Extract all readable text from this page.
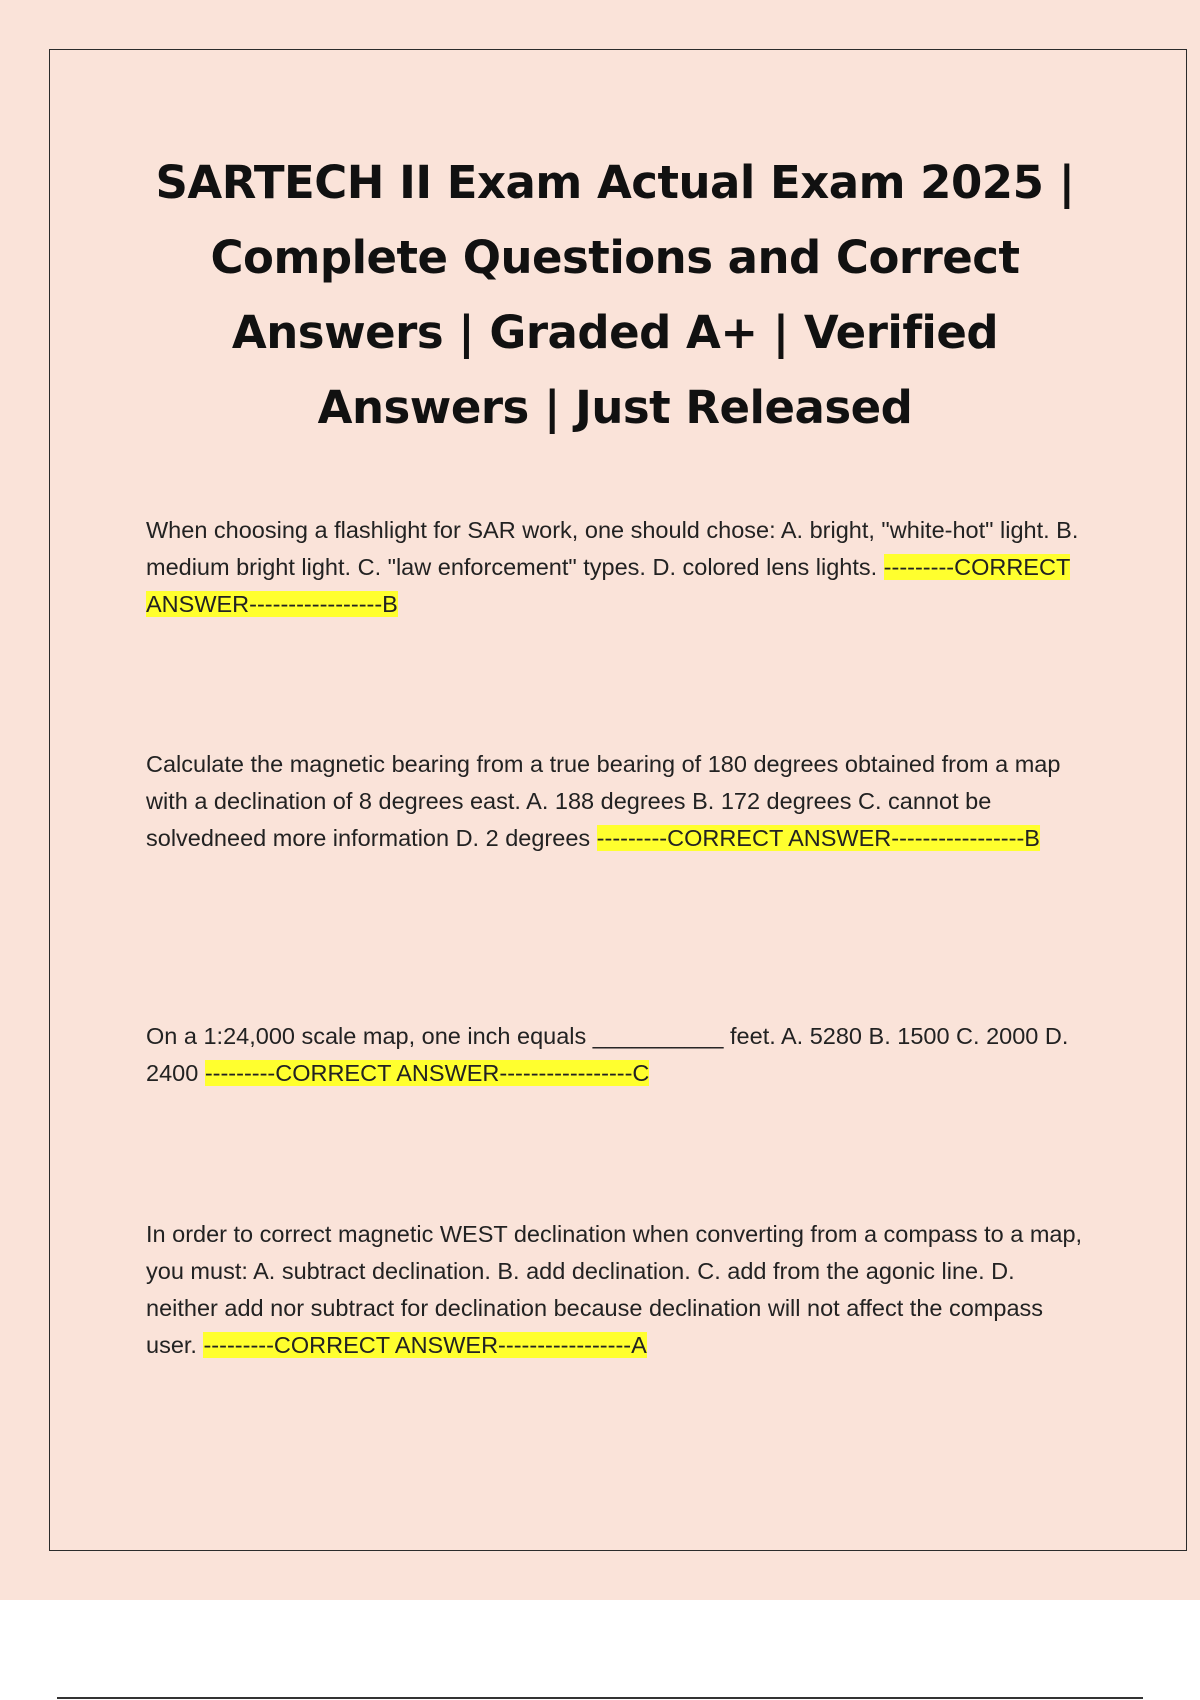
SARTECH II Exam Actual Exam 2025 | Complete Questions and Correct Answers | Graded A+ | Verified Answers | Just Released

When choosing a flashlight for SAR work, one should chose: A. bright, "white-hot" light. B. medium bright light. C. "law enforcement" types. D. colored lens lights. ---------CORRECT ANSWER-----------------B

Calculate the magnetic bearing from a true bearing of 180 degrees obtained from a map with a declination of 8 degrees east. A. 188 degrees B. 172 degrees C. cannot be solvedneed more information D. 2 degrees ---------CORRECT ANSWER-----------------B

On a 1:24,000 scale map, one inch equals __________ feet. A. 5280 B. 1500 C. 2000 D. 2400 ---------CORRECT ANSWER-----------------C

In order to correct magnetic WEST declination when converting from a compass to a map, you must: A. subtract declination. B. add declination. C. add from the agonic line. D. neither add nor subtract for declination because declination will not affect the compass user. ---------CORRECT ANSWER-----------------A
